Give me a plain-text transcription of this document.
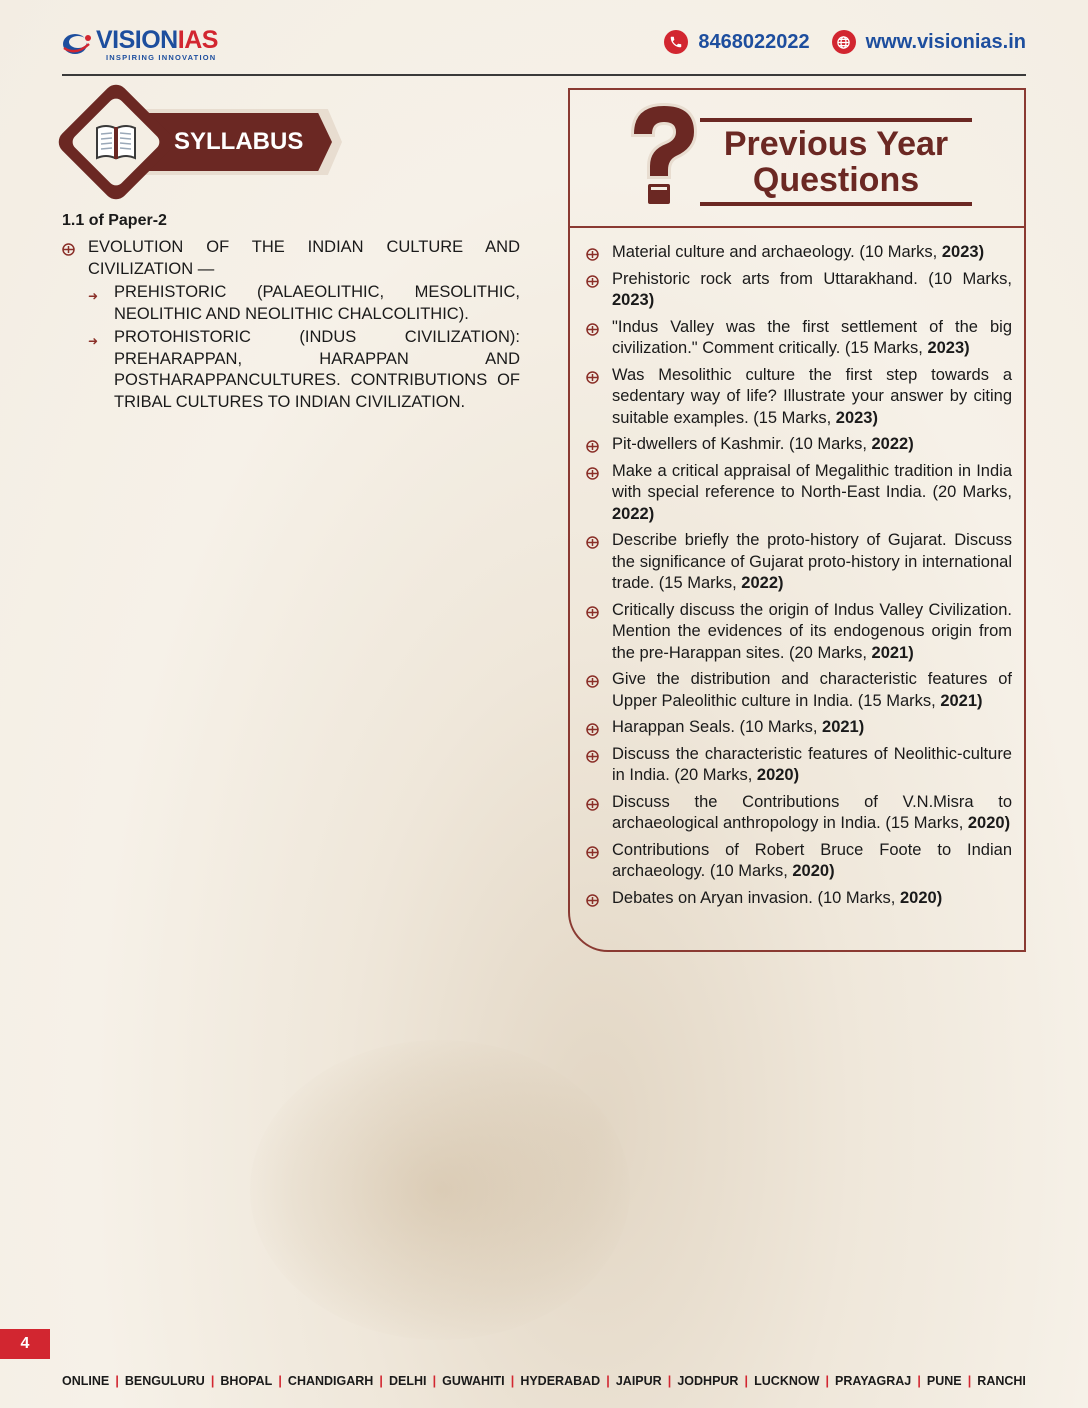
VISIONIAS
INSPIRING INNOVATION
8468022022	www.visionias.in
SYLLABUS
1.1 of Paper-2
EVOLUTION OF THE INDIAN CULTURE AND CIVILIZATION —
➜ PREHISTORIC (PALAEOLITHIC, MESOLITHIC, NEOLITHIC AND NEOLITHIC CHALCOLITHIC).
➜ PROTOHISTORIC (INDUS CIVILIZATION): PREHARAPPAN, HARAPPAN AND POSTHARAPPANCULTURES. CONTRIBUTIONS OF TRIBAL CULTURES TO INDIAN CIVILIZATION.
Previous Year
Questions
Material culture and archaeology. (10 Marks, 2023)
Prehistoric rock arts from Uttarakhand. (10 Marks, 2023)
"Indus Valley was the first settlement of the big civilization." Comment critically. (15 Marks, 2023)
Was Mesolithic culture the first step towards a sedentary way of life? Illustrate your answer by citing suitable examples. (15 Marks, 2023)
Pit-dwellers of Kashmir. (10 Marks, 2022)
Make a critical appraisal of Megalithic tradition in India with special reference to North-East India. (20 Marks, 2022)
Describe briefly the proto-history of Gujarat. Discuss the significance of Gujarat proto-history in international trade. (15 Marks, 2022)
Critically discuss the origin of Indus Valley Civilization. Mention the evidences of its endogenous origin from the pre-Harappan sites. (20 Marks, 2021)
Give the distribution and characteristic features of Upper Paleolithic culture in India. (15 Marks, 2021)
Harappan Seals. (10 Marks, 2021)
Discuss the characteristic features of Neolithic-culture in India. (20 Marks, 2020)
Discuss the Contributions of V.N.Misra to archaeological anthropology in India. (15 Marks, 2020)
Contributions of Robert Bruce Foote to Indian archaeology. (10 Marks, 2020)
Debates on Aryan invasion. (10 Marks, 2020)
4
ONLINE | BENGULURU | BHOPAL | CHANDIGARH | DELHI | GUWAHITI | HYDERABAD | JAIPUR | JODHPUR | LUCKNOW | PRAYAGRAJ | PUNE | RANCHI
